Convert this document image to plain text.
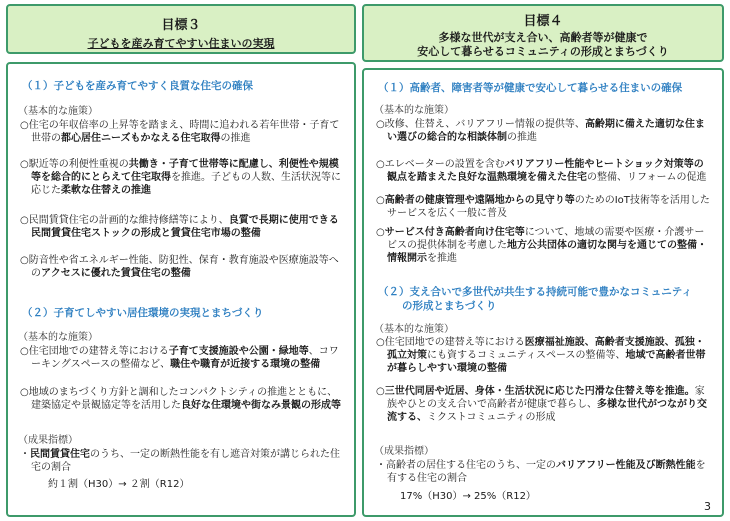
目標３
子どもを産み育てやすい住まいの実現
（１）子どもを産み育てやすく良質な住宅の確保
（基本的な施策）
○住宅の年収倍率の上昇等を踏まえ、時間に追われる若年世帯・子育て世帯の都心居住ニーズもかなえる住宅取得の推進
○駅近等の利便性重視の共働き・子育て世帯等に配慮し、利便性や規模等を総合的にとらえて住宅取得を推進。子どもの人数、生活状況等に応じた柔軟な住替えの推進
○民間賃貸住宅の計画的な維持修繕等により、良質で長期に使用できる民間賃貸住宅ストックの形成と賃貸住宅市場の整備
○防音性や省エネルギー性能、防犯性、保育・教育施設や医療施設等へのアクセスに優れた賃貸住宅の整備
（２）子育てしやすい居住環境の実現とまちづくり
（基本的な施策）
○住宅団地での建替え等における子育て支援施設や公園・緑地等、コワーキングスペースの整備など、職住や職育が近接する環境の整備
○地域のまちづくり方針と調和したコンパクトシティの推進とともに、建築協定や景観協定等を活用した良好な住環境や街なみ景観の形成等
（成果指標）
・民間賃貸住宅のうち、一定の断熱性能を有し遮音対策が講じられた住宅の割合
約１割（H30）→ ２割（R12）
目標４
多様な世代が支え合い、高齢者等が健康で
安心して暮らせるコミュニティの形成とまちづくり
（１）高齢者、障害者等が健康で安心して暮らせる住まいの確保
（基本的な施策）
○改修、住替え、バリアフリー情報の提供等、高齢期に備えた適切な住まい選びの総合的な相談体制の推進
○エレベーターの設置を含むバリアフリー性能やヒートショック対策等の観点を踏まえた良好な温熱環境を備えた住宅の整備、リフォームの促進
○高齢者の健康管理や遠隔地からの見守り等のためのIoT技術等を活用したサービスを広く一般に普及
○サービス付き高齢者向け住宅等について、地域の需要や医療・介護サービスの提供体制を考慮した地方公共団体の適切な関与を通じての整備・情報開示を推進
（２）支え合いで多世代が共生する持続可能で豊かなコミュニティ
の形成とまちづくり
（基本的な施策）
○住宅団地での建替え等における医療福祉施設、高齢者支援施設、孤独・孤立対策にも資するコミュニティスペースの整備等、地域で高齢者世帯が暮らしやすい環境の整備
○三世代同居や近居、身体・生活状況に応じた円滑な住替え等を推進。家族やひとの支え合いで高齢者が健康で暮らし、多様な世代がつながり交流する、ミクストコミュニティの形成
（成果指標）
・高齢者の居住する住宅のうち、一定のバリアフリー性能及び断熱性能を有する住宅の割合
17%（H30）→ 25%（R12）
3
